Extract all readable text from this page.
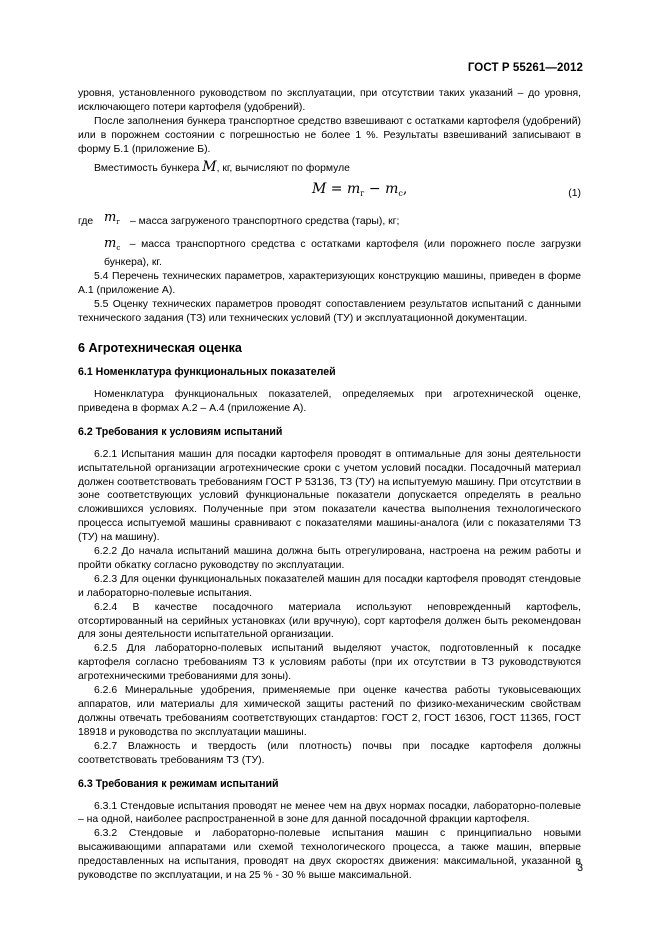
ГОСТ Р 55261—2012

уровня, установленного руководством по эксплуатации, при отсутствии таких указаний – до уровня, исключающего потери картофеля (удобрений).

После заполнения бункера транспортное средство взвешивают с остатками картофеля (удобрений) или в порожнем состоянии с погрешностью не более 1 %. Результаты взвешиваний записывают в форму Б.1 (приложение Б).

Вместимость бункера M, кг, вычисляют по формуле

$M = m_г - m_с$,	(1)
где $m_г$ – масса загруженого транспортного средства (тары), кг;

$m_с$ – масса транспортного средства с остатками картофеля (или порожнего после загрузки бункера), кг.

5.4 Перечень технических параметров, характеризующих конструкцию машины, приведен в форме А.1 (приложение А).

5.5 Оценку технических параметров проводят сопоставлением результатов испытаний с данными технического задания (ТЗ) или технических условий (ТУ) и эксплуатационной документации.

6 Агротехническая оценка

6.1 Номенклатура функциональных показателей

Номенклатура функциональных показателей, определяемых при агротехнической оценке, приведена в формах А.2 – А.4 (приложение А).

6.2 Требования к условиям испытаний

6.2.1 Испытания машин для посадки картофеля проводят в оптимальные для зоны деятельности испытательной организации агротехнические сроки с учетом условий посадки. Посадочный материал должен соответствовать требованиям ГОСТ Р 53136, ТЗ (ТУ) на испытуемую машину. При отсутствии в зоне соответствующих условий функциональные показатели допускается определять в реально сложившихся условиях. Полученные при этом показатели качества выполнения технологического процесса испытуемой машины сравнивают с показателями машины-аналога (или с показателями ТЗ (ТУ) на машину).

6.2.2 До начала испытаний машина должна быть отрегулирована, настроена на режим работы и пройти обкатку согласно руководству по эксплуатации.

6.2.3 Для оценки функциональных показателей машин для посадки картофеля проводят стендовые и лабораторно-полевые испытания.

6.2.4 В качестве посадочного материала используют неповрежденный картофель, отсортированный на серийных установках (или вручную), сорт картофеля должен быть рекомендован для зоны деятельности испытательной организации.

6.2.5 Для лабораторно-полевых испытаний выделяют участок, подготовленный к посадке картофеля согласно требованиям ТЗ к условиям работы (при их отсутствии в ТЗ руководствуются агротехническими требованиями для зоны).

6.2.6 Минеральные удобрения, применяемые при оценке качества работы туковысевающих аппаратов, или материалы для химической защиты растений по физико-механическим свойствам должны отвечать требованиям соответствующих стандартов: ГОСТ 2, ГОСТ 16306, ГОСТ 11365, ГОСТ 18918 и руководства по эксплуатации машины.

6.2.7 Влажность и твердость (или плотность) почвы при посадке картофеля должны соответствовать требованиям ТЗ (ТУ).

6.3 Требования к режимам испытаний

6.3.1 Стендовые испытания проводят не менее чем на двух нормах посадки, лабораторно-полевые – на одной, наиболее распространенной в зоне для данной посадочной фракции картофеля.

6.3.2 Стендовые и лабораторно-полевые испытания машин с принципиально новыми высаживающими аппаратами или схемой технологического процесса, а также машин, впервые предоставленных на испытания, проводят на двух скоростях движения: максимальной, указанной в руководстве по эксплуатации, и на 25 % - 30 % выше максимальной.

3
